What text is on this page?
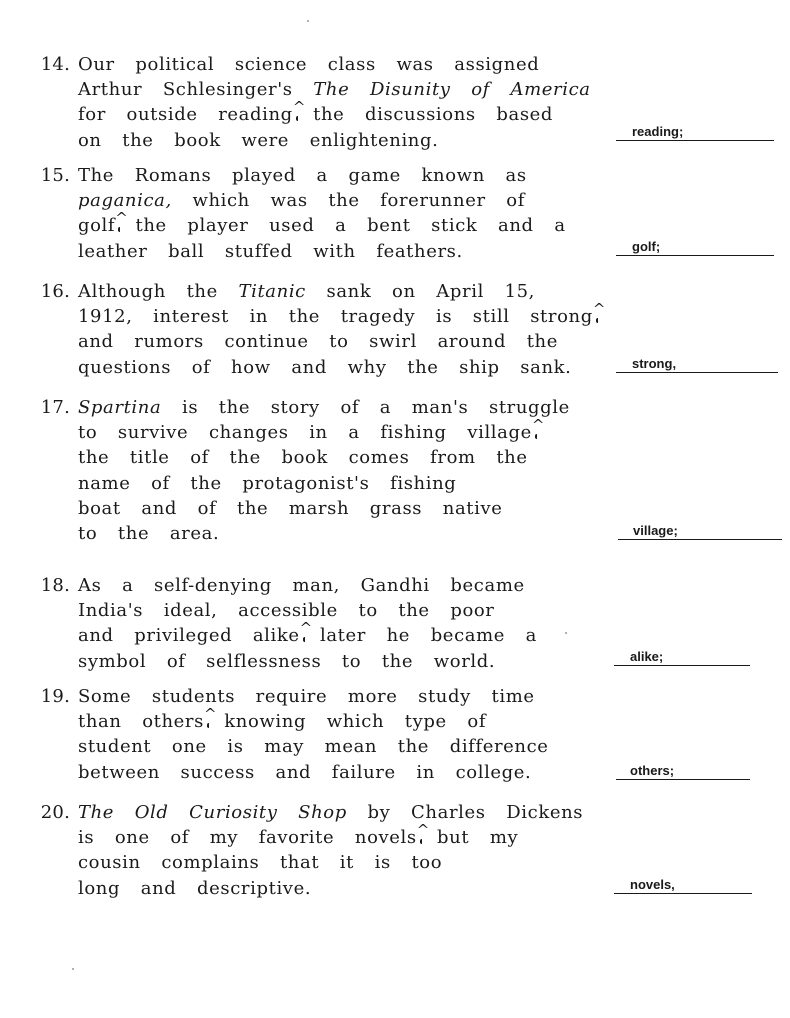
14. Our  political  science  class  was  assigned
Arthur  Schlesinger's  The  Disunity  of  America
for  outside  reading^  the  discussions  based
on  the  book  were  enlightening.	reading;
15. The  Romans  played  a  game  known  as
paganica,  which  was  the  forerunner  of
golf^  the  player  used  a  bent  stick  and  a
leather  ball  stuffed  with  feathers.	golf;
16. Although  the  Titanic  sank  on  April  15,
1912,  interest  in  the  tragedy  is  still  strong^
and  rumors  continue  to  swirl  around  the
questions  of  how  and  why  the  ship  sank.	strong,
17. Spartina  is  the  story  of  a  man's  struggle
to  survive  changes  in  a  fishing  village^
the  title  of  the  book  comes  from  the
name  of  the  protagonist's  fishing
boat  and  of  the  marsh  grass  native
to  the  area.	village;
18. As  a  self-denying  man,  Gandhi  became
India's  ideal,  accessible  to  the  poor
and  privileged  alike^  later  he  became  a
symbol  of  selflessness  to  the  world.	alike;
19. Some  students  require  more  study  time
than  others^  knowing  which  type  of
student  one  is  may  mean  the  difference
between  success  and  failure  in  college.	others;
20. The  Old  Curiosity  Shop  by  Charles  Dickens
is  one  of  my  favorite  novels^  but  my
cousin  complains  that  it  is  too
long  and  descriptive.	novels,
